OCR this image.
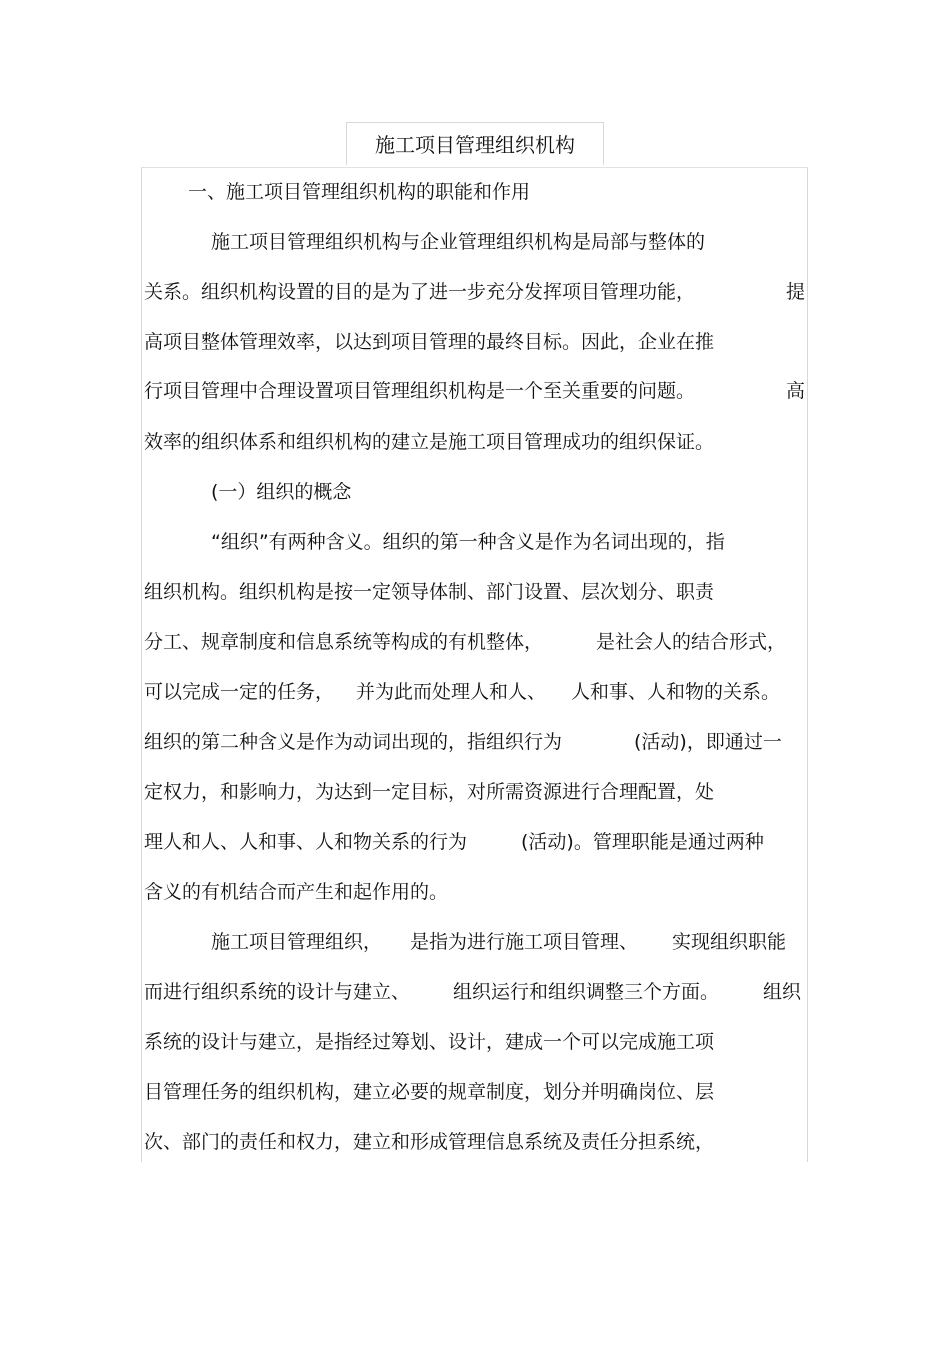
施工项目管理组织机构
一、施工项目管理组织机构的职能和作用
施工项目管理组织机构与企业管理组织机构是局部与整体的
关系。组织机构设置的目的是为了进一步充分发挥项目管理功能，	提
高项目整体管理效率，以达到项目管理的最终目标。因此，企业在推
行项目管理中合理设置项目管理组织机构是一个至关重要的问题。	高
效率的组织体系和组织机构的建立是施工项目管理成功的组织保证。
(一）组织的概念
“组织”有两种含义。组织的第一种含义是作为名词出现的，指
组织机构。组织机构是按一定领导体制、部门设置、层次划分、职责
分工、规章制度和信息系统等构成的有机整体，	是社会人的结合形式，
可以完成一定的任务， 并为此而处理人和人、 人和事、人和物的关系。
组织的第二种含义是作为动词出现的，指组织行为	(活动)，即通过一
定权力，和影响力，为达到一定目标，对所需资源进行合理配置，处
理人和人、人和事、人和物关系的行为	(活动)。管理职能是通过两种
含义的有机结合而产生和起作用的。
施工项目管理组织， 是指为进行施工项目管理、 实现组织职能
而进行组织系统的设计与建立、 组织运行和组织调整三个方面。 组织
系统的设计与建立，是指经过筹划、设计，建成一个可以完成施工项
目管理任务的组织机构，建立必要的规章制度，划分并明确岗位、层
次、部门的责任和权力，建立和形成管理信息系统及责任分担系统，
